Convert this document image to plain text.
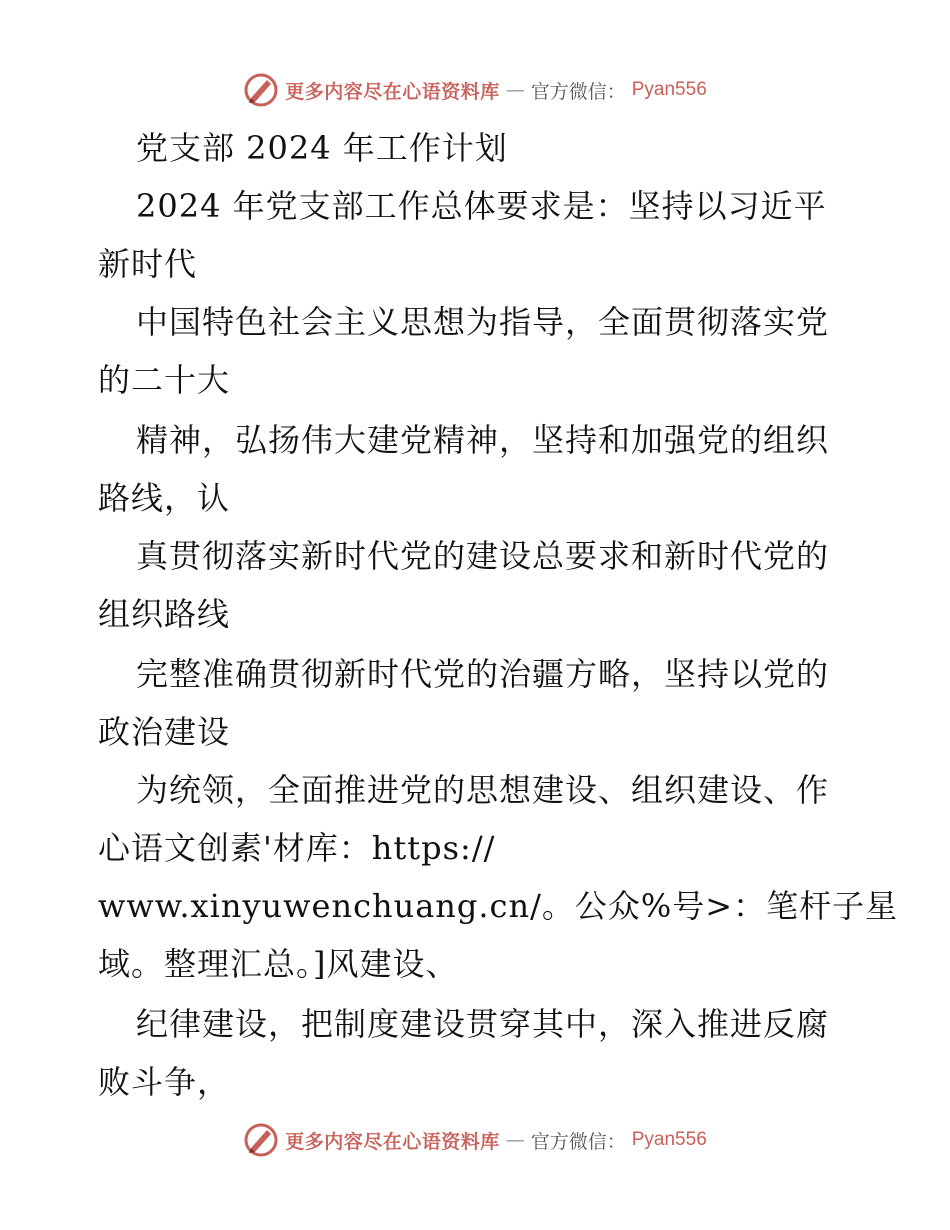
更多内容尽在心语资料库 — 官方微信： Pyan556
党支部 2024 年工作计划
2024 年党支部工作总体要求是：坚持以习近平
新时代
中国特色社会主义思想为指导，全面贯彻落实党
的二十大
精神，弘扬伟大建党精神，坚持和加强党的组织
路线，认
真贯彻落实新时代党的建设总要求和新时代党的
组织路线
完整准确贯彻新时代党的治疆方略，坚持以党的
政治建设
为统领，全面推进党的思想建设、组织建设、作
心语文创素'材库：https://
www.xinyuwenchuang.cn/。公众%号>：笔杆子星
域。整理汇总。]风建设、
纪律建设，把制度建设贯穿其中，深入推进反腐
败斗争，
更多内容尽在心语资料库 — 官方微信： Pyan556
